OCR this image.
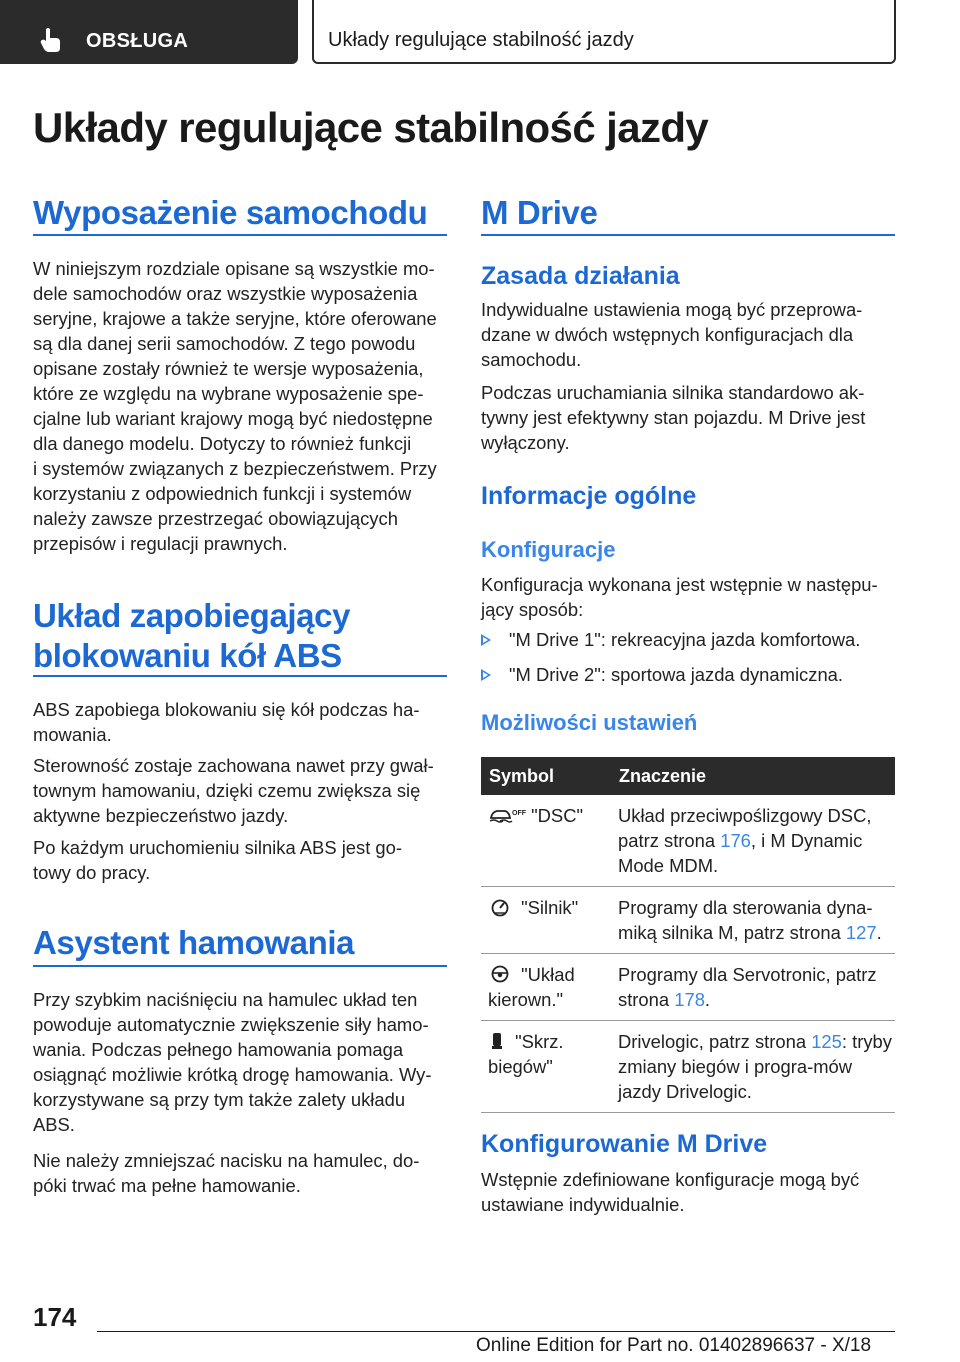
OBSŁUGA	Układy regulujące stabilność jazdy
Układy regulujące stabilność jazdy
Wyposażenie samochodu
W niniejszym rozdziale opisane są wszystkie mo-
dele samochodów oraz wszystkie wyposażenia
seryjne, krajowe a także seryjne, które oferowane
są dla danej serii samochodów. Z tego powodu
opisane zostały również te wersje wyposażenia,
które ze względu na wybrane wyposażenie spe-
cjalne lub wariant krajowy mogą być niedostępne
dla danego modelu. Dotyczy to również funkcji
i systemów związanych z bezpieczeństwem. Przy
korzystaniu z odpowiednich funkcji i systemów
należy zawsze przestrzegać obowiązujących
przepisów i regulacji prawnych.
Układ zapobiegający
blokowaniu kół ABS
ABS zapobiega blokowaniu się kół podczas ha-
mowania.
Sterowność zostaje zachowana nawet przy gwał-
townym hamowaniu, dzięki czemu zwiększa się
aktywne bezpieczeństwo jazdy.
Po każdym uruchomieniu silnika ABS jest go-
towy do pracy.
Asystent hamowania
Przy szybkim naciśnięciu na hamulec układ ten
powoduje automatycznie zwiększenie siły hamo-
wania. Podczas pełnego hamowania pomaga
osiągnąć możliwie krótką drogę hamowania. Wy-
korzystywane są przy tym także zalety układu
ABS.
Nie należy zmniejszać nacisku na hamulec, do-
póki trwać ma pełne hamowanie.
M Drive
Zasada działania
Indywidualne ustawienia mogą być przeprowa-
dzane w dwóch wstępnych konfiguracjach dla
samochodu.
Podczas uruchamiania silnika standardowo ak-
tywny jest efektywny stan pojazdu. M Drive jest
wyłączony.
Informacje ogólne
Konfiguracje
Konfiguracja wykonana jest wstępnie w następu-
jący sposób:
"M Drive 1": rekreacyjna jazda komfortowa.
"M Drive 2": sportowa jazda dynamiczna.
Możliwości ustawień
Symbol	Znaczenie

OFF "DSC"	Układ przeciwpoślizgowy DSC, patrz strona 176, i M Dynamic Mode MDM.
"Silnik"	Programy dla sterowania dyna-miką silnika M, patrz strona 127.
"Układ kierown."	Programy dla Servotronic, patrz strona 178.
"Skrz. biegów"	Drivelogic, patrz strona 125: tryby zmiany biegów i progra-mów jazdy Drivelogic.
Konfigurowanie M Drive
Wstępnie zdefiniowane konfiguracje mogą być
ustawiane indywidualnie.
174
Online Edition for Part no. 01402896637 - X/18
